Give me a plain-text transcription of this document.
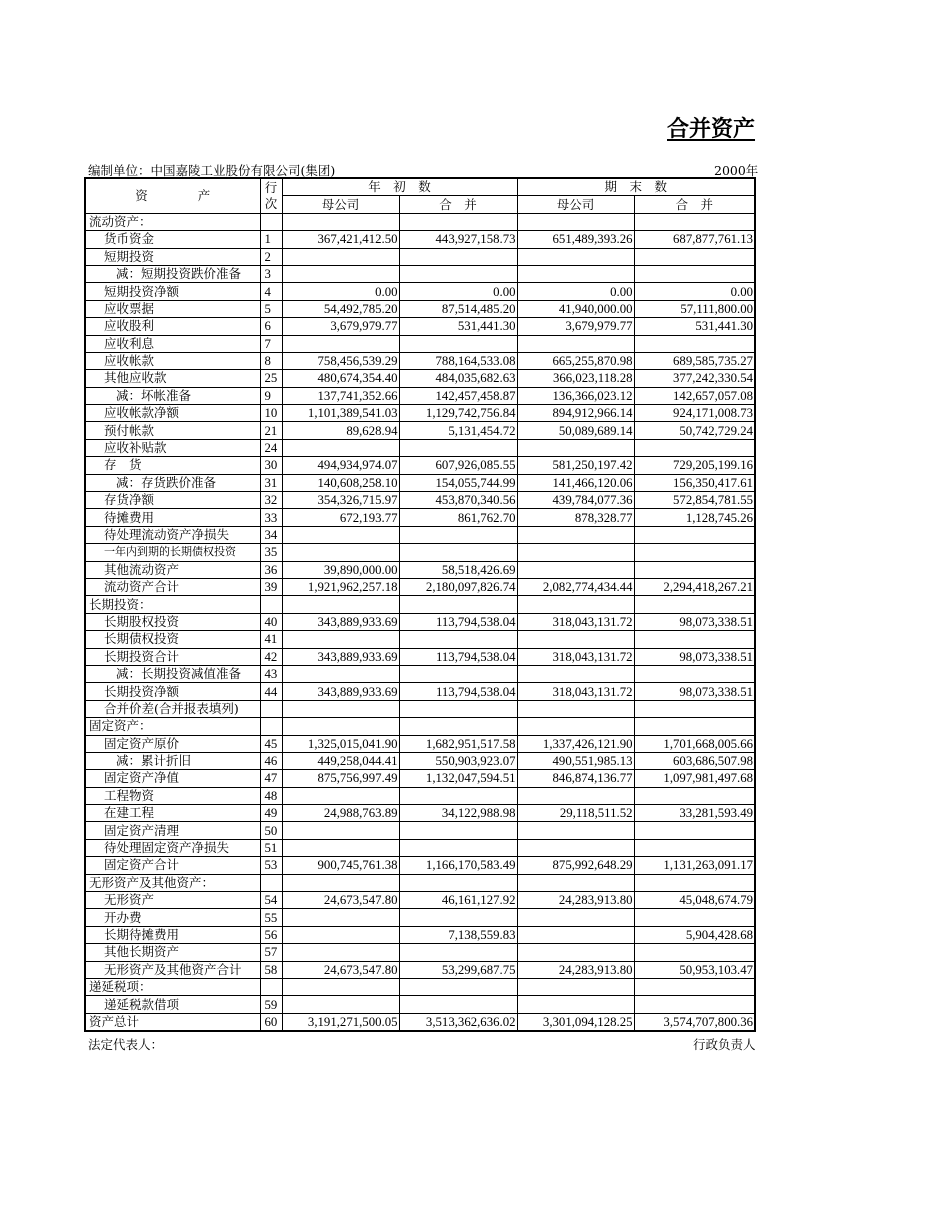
合并资产
编制单位：中国嘉陵工业股份有限公司(集团)	2000年
资　　　　产	行次	年　初　数		期　末　数	
		母公司	合　并	母公司	合　并
流动资产：					
货币资金	1	367,421,412.50	443,927,158.73	651,489,393.26	687,877,761.13
短期投资	2				
减：短期投资跌价准备	3				
短期投资净额	4	0.00	0.00	0.00	0.00
应收票据	5	54,492,785.20	87,514,485.20	41,940,000.00	57,111,800.00
应收股利	6	3,679,979.77	531,441.30	3,679,979.77	531,441.30
应收利息	7				
应收帐款	8	758,456,539.29	788,164,533.08	665,255,870.98	689,585,735.27
其他应收款	25	480,674,354.40	484,035,682.63	366,023,118.28	377,242,330.54
减：坏帐准备	9	137,741,352.66	142,457,458.87	136,366,023.12	142,657,057.08
应收帐款净额	10	1,101,389,541.03	1,129,742,756.84	894,912,966.14	924,171,008.73
预付帐款	21	89,628.94	5,131,454.72	50,089,689.14	50,742,729.24
应收补贴款	24				
存　货	30	494,934,974.07	607,926,085.55	581,250,197.42	729,205,199.16
减：存货跌价准备	31	140,608,258.10	154,055,744.99	141,466,120.06	156,350,417.61
存货净额	32	354,326,715.97	453,870,340.56	439,784,077.36	572,854,781.55
待摊费用	33	672,193.77	861,762.70	878,328.77	1,128,745.26
待处理流动资产净损失	34				
一年内到期的长期债权投资	35				
其他流动资产	36	39,890,000.00	58,518,426.69		
流动资产合计	39	1,921,962,257.18	2,180,097,826.74	2,082,774,434.44	2,294,418,267.21
长期投资：					
长期股权投资	40	343,889,933.69	113,794,538.04	318,043,131.72	98,073,338.51
长期债权投资	41				
长期投资合计	42	343,889,933.69	113,794,538.04	318,043,131.72	98,073,338.51
减：长期投资减值准备	43				
长期投资净额	44	343,889,933.69	113,794,538.04	318,043,131.72	98,073,338.51
合并价差(合并报表填列)					
固定资产：					
固定资产原价	45	1,325,015,041.90	1,682,951,517.58	1,337,426,121.90	1,701,668,005.66
减：累计折旧	46	449,258,044.41	550,903,923.07	490,551,985.13	603,686,507.98
固定资产净值	47	875,756,997.49	1,132,047,594.51	846,874,136.77	1,097,981,497.68
工程物资	48				
在建工程	49	24,988,763.89	34,122,988.98	29,118,511.52	33,281,593.49
固定资产清理	50				
待处理固定资产净损失	51				
固定资产合计	53	900,745,761.38	1,166,170,583.49	875,992,648.29	1,131,263,091.17
无形资产及其他资产：					
无形资产	54	24,673,547.80	46,161,127.92	24,283,913.80	45,048,674.79
开办费	55				
长期待摊费用	56		7,138,559.83		5,904,428.68
其他长期资产	57				
无形资产及其他资产合计	58	24,673,547.80	53,299,687.75	24,283,913.80	50,953,103.47
递延税项：					
递延税款借项	59				
资产总计	60	3,191,271,500.05	3,513,362,636.02	3,301,094,128.25	3,574,707,800.36
法定代表人：	行政负责人
